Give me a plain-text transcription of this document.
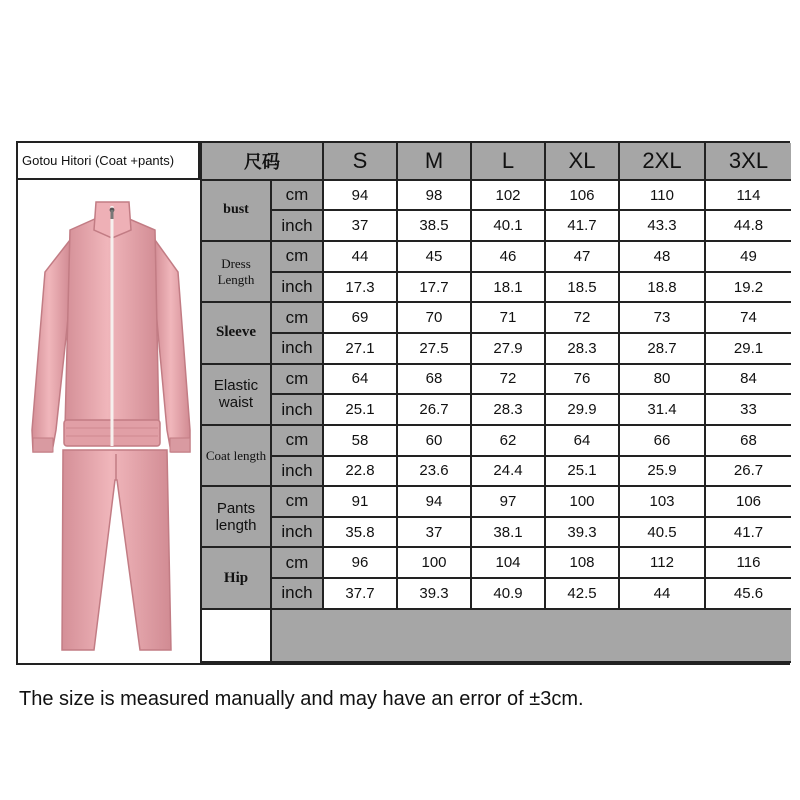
Gotou Hitori (Coat +pants)	尺码		S	M	L	XL	2XL	3XL
bust	cm	94	98	102	106	110	114
	inch	37	38.5	40.1	41.7	43.3	44.8
Dress Length	cm	44	45	46	47	48	49
	inch	17.3	17.7	18.1	18.5	18.8	19.2
Sleeve	cm	69	70	71	72	73	74
	inch	27.1	27.5	27.9	28.3	28.7	29.1
Elastic waist	cm	64	68	72	76	80	84
	inch	25.1	26.7	28.3	29.9	31.4	33
Coat length	cm	58	60	62	64	66	68
	inch	22.8	23.6	24.4	25.1	25.9	26.7
Pants length	cm	91	94	97	100	103	106
	inch	35.8	37	38.1	39.3	40.5	41.7
Hip	cm	96	100	104	108	112	116
	inch	37.7	39.3	40.9	42.5	44	45.6

The size is measured manually and may have an error of ±3cm.
